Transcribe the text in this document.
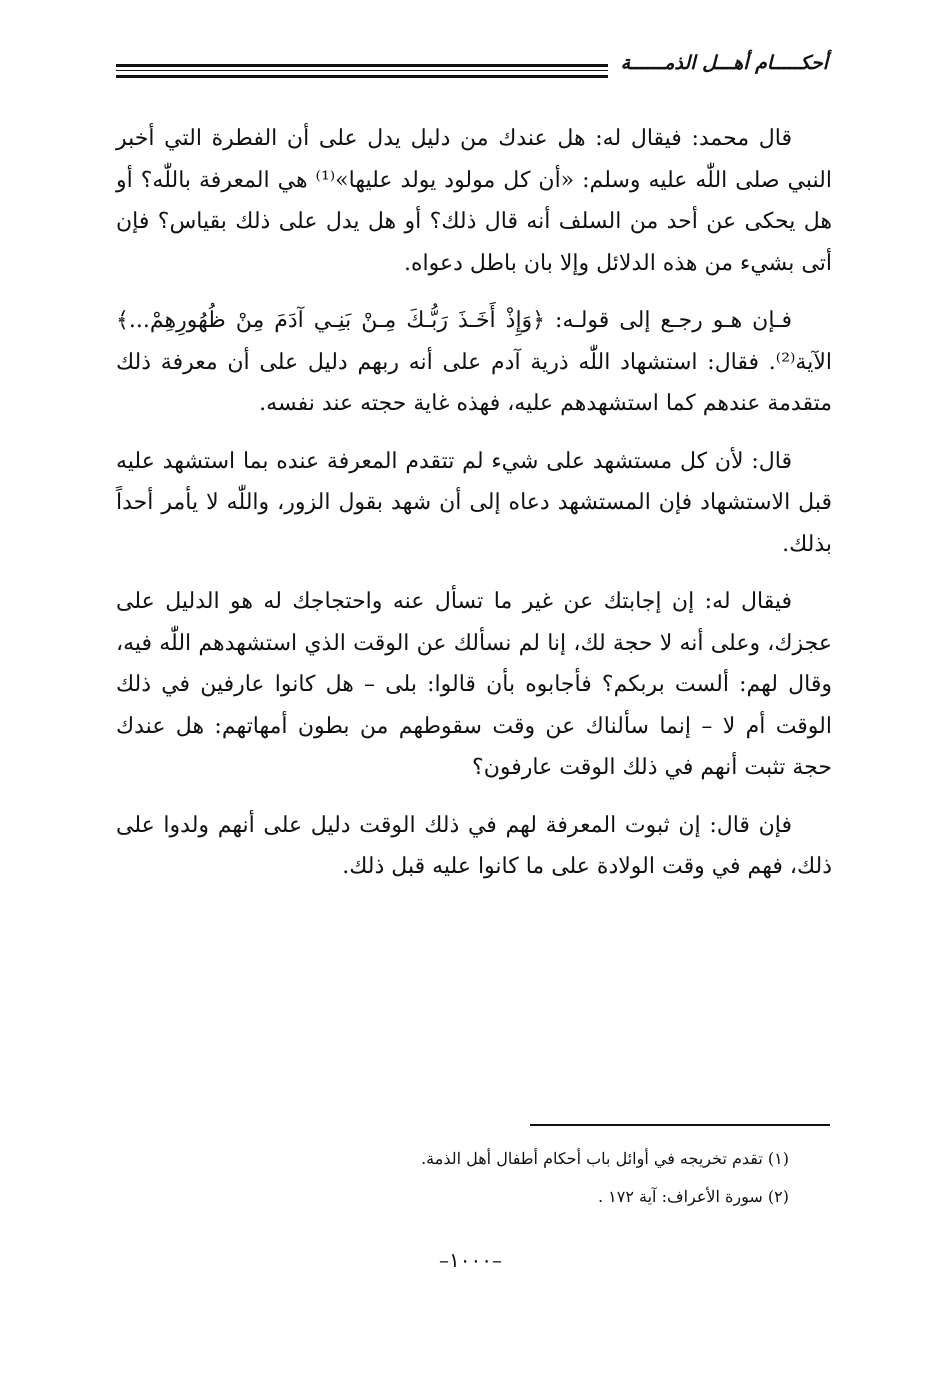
أحكـــــام أهـــل الذمــــــة

قال محمد: فيقال له: هل عندك من دليل يدل على أن الفطرة التي أخبر النبي صلى اللّٰه عليه وسلم: «أن كل مولود يولد عليها»⁽¹⁾ هي المعرفة باللّٰه؟ أو هل يحكى عن أحد من السلف أنه قال ذلك؟ أو هل يدل على ذلك بقياس؟ فإن أتى بشيء من هذه الدلائل وإلا بان باطل دعواه.

فـإن هـو رجـع إلى قولـه: ﴿وَإِذْ أَخَـذَ رَبُّـكَ مِـنْ بَنِـي آدَمَ مِنْ ظُهُورِهِمْ...﴾ الآية⁽²⁾. فقال: استشهاد اللّٰه ذرية آدم على أنه ربهم دليل على أن معرفة ذلك متقدمة عندهم كما استشهدهم عليه، فهذه غاية حجته عند نفسه.

قال: لأن كل مستشهد على شيء لم تتقدم المعرفة عنده بما استشهد عليه قبل الاستشهاد فإن المستشهد دعاه إلى أن شهد بقول الزور، واللّٰه لا يأمر أحداً بذلك.

فيقال له: إن إجابتك عن غير ما تسأل عنه واحتجاجك له هو الدليل على عجزك، وعلى أنه لا حجة لك، إنا لم نسألك عن الوقت الذي استشهدهم اللّٰه فيه، وقال لهم: ألست بربكم؟ فأجابوه بأن قالوا: بلى – هل كانوا عارفين في ذلك الوقت أم لا – إنما سألناك عن وقت سقوطهم من بطون أمهاتهم: هل عندك حجة تثبت أنهم في ذلك الوقت عارفون؟

فإن قال: إن ثبوت المعرفة لهم في ذلك الوقت دليل على أنهم ولدوا على ذلك، فهم في وقت الولادة على ما كانوا عليه قبل ذلك.

(١) تقدم تخريجه في أوائل باب أحكام أطفال أهل الذمة.

(٢) سورة الأعراف: آية ١٧٢ .

–١٠٠٠–
